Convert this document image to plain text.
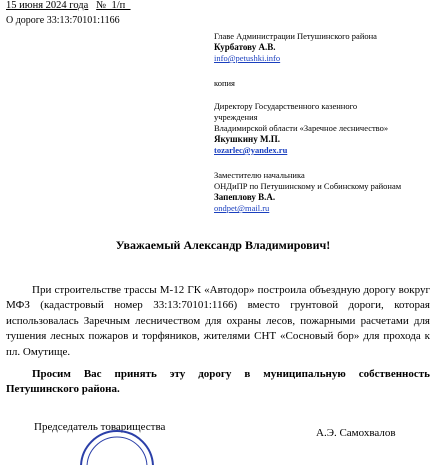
15 июня 2024 года №_1/п_
О дороге 33:13:70101:1166
Главе Администрации Петушинского района
Курбатову А.В.
info@petushki.info
копия
Директору Государственного казенного
учреждения
Владимирской области «Заречное лесничество»
Якушкину М.П.
tozarlec@yandex.ru
Заместителю начальника
ОНДиПР по Петушинскому и Собинскому районам
Запеплову В.А.
ondpet@mail.ru
Уважаемый Александр Владимирович!
При строительстве трассы М-12 ГК «Автодор» построила объездную дорогу вокруг МФЗ (кадастровый номер 33:13:70101:1166) вместо грунтовой дороги, которая использовалась Заречным лесничеством для охраны лесов, пожарными расчетами для тушения лесных пожаров и торфяников, жителями СНТ «Сосновый бор» для прохода к пл. Омутище.
Просим Вас принять эту дорогу в муниципальную собственность Петушинского района.
Председатель товарищества	А.Э. Самохвалов
